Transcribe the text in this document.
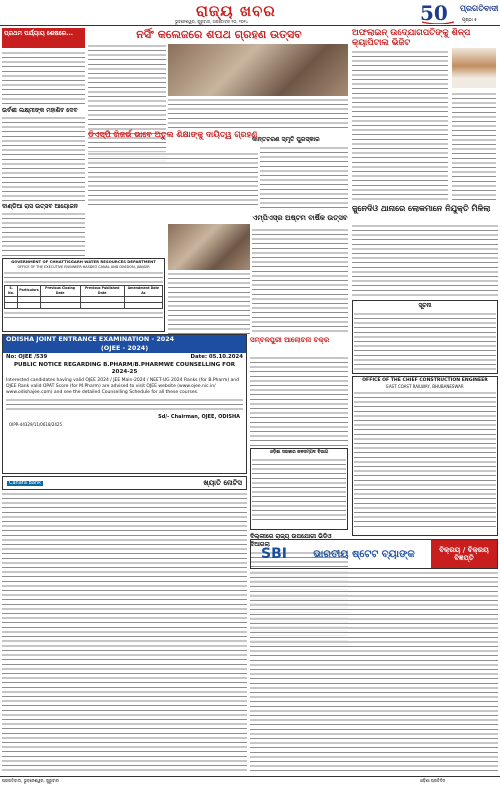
ରାଜ୍ୟ ଖବର
ଭୁବନେଶ୍ୱର, ଗୁରୁବାର, ଅକ୍ଟୋବର ୧୦, ୨୦୨୪	50 ପ୍ରଗତିବାଦୀ
ପୃଷ୍ଠା ୫
ପ୍ରଥମ ପର୍ଯ୍ୟାୟ ଶେଷରେ...
ପଙ୍କଜିନୀଙ୍କୁ ଦୁଇ...
ଉର୍ବଶୀ ଲକ୍ଷ୍ମୀଙ୍କ ମହାଶିବ ଦେବ
ଦାଣ୍ଡିଆ ରାସ ଉତ୍ସବ ଆୟୋଜନ
GOVERNMENT OF CHHATTISGARH WATER RESOURCES DEPARTMENT
OFFICE OF THE EXECUTIVE ENGINEER HASDEO CANAL AND DIVISION, JANJGIR
S. No.	Particulars	Previous Closing Date	Previous Published Date	Amendment Date As

ODISHA JOINT ENTRANCE EXAMINATION - 2024
(OJEE - 2024)
No: OJEE /539	Date: 05.10.2024
PUBLIC NOTICE REGARDING B.PHARM/B.PHARMWE COUNSELLING FOR 2024-25
Interested candidates having valid OJEE 2024 / JEE Main-2024 / NEET-UG 2024 Ranks (for B.Pharm) and OJEE Rank valid OPAT Score (for M.Pharm) are advised to visit OJEE website (www.ojee.nic.in/ www.odishajee.com) and see the detailed Counselling Schedule for all these courses.
Sd/- Chairman, OJEE, ODISHA
OIPR-44329/11/0618/2425
Canara Bank	ଖ୍ୟାତି ନୋଟିସ
ନର୍ସିଂ କଲେଜରେ ଶପଥ ଗ୍ରହଣ ଉତ୍ସବ
ଡିଏସ୍‌ପି ରିଜର୍ଭ ଭାବେ ଅତୁଲ ଶିକ୍ଷାଙ୍କୁ ଦାୟିତ୍ୱ ଗ୍ରହଣ
କାନ୍ତଚରଣ ସ୍ମୃତି ପୁରସ୍କାର
ଏମ୍ପିଏସ୍‌ର ଅଷ୍ଟମ ବାର୍ଷିକ ଉତ୍ସବ
ସମ୍ବଳପୁରୀ ଆଲୋଚନା ଚକ୍ର
ଓଡ଼ିଶା ସରକାର ଜଳସମ୍ପଦ ବିଭାଗ
ଦିଲ୍ଲୀରେ ରାଜ୍ୟ ଉପଯୋଗୀ ଭିଡିଓ ଦିଆଗଲା
ଅଫଲାଇନ୍ ଉଦ୍ଯୋଗପତିଙ୍କୁ ଶିଳ୍ପ କ୍ୟାପିଟାଲ ଭିଜିଟ
ଜୁନେଦିଓ ଥାନାରେ ଲୋକମାନେ ନିଯୁକ୍ତି ମିଳିଲା
ସୂଚନା
OFFICE OF THE CHIEF CONSTRUCTION ENGINEER
EAST COAST RAILWAY, BHUBANESWAR
SBI	ଭାରତୀୟ ଷ୍ଟେଟ ବ୍ୟାଙ୍କ	ବିକ୍ରୟ / ବିକ୍ରୟ ବିଜ୍ଞପ୍ତି
ପ୍ରଗତିବାଦୀ, ଭୁବନେଶ୍ୱର, ଗୁରୁବାର	ଓଡ଼ିଶା ପ୍ରତିଦିନ
